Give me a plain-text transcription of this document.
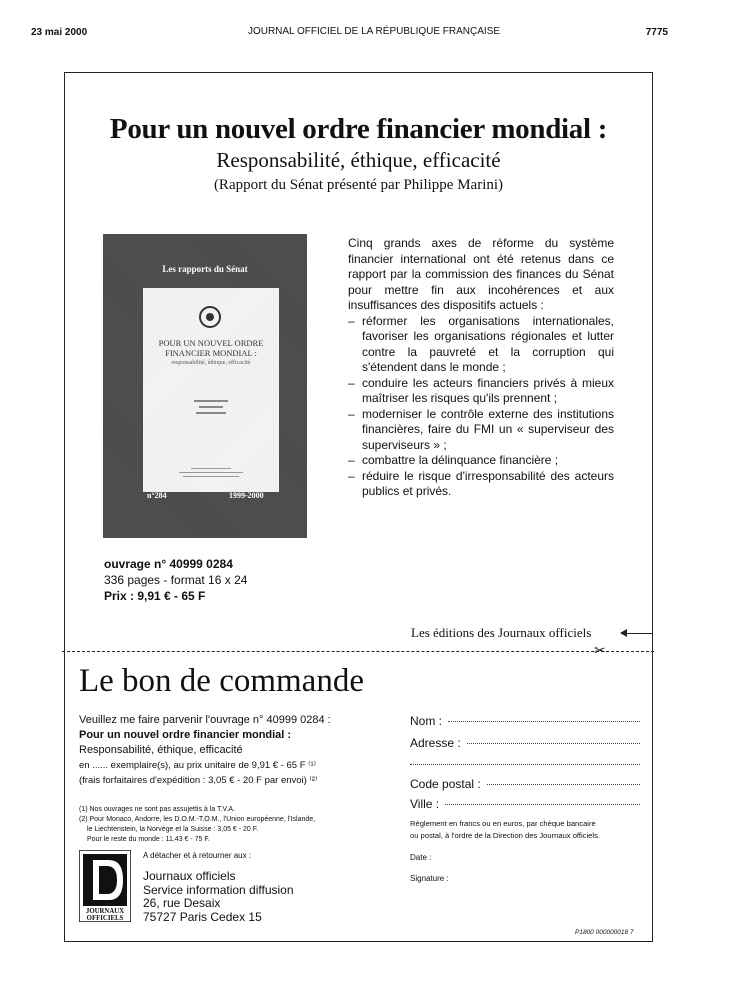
23 mai 2000	JOURNAL OFFICIEL DE LA RÉPUBLIQUE FRANÇAISE	7775
Pour un nouvel ordre financier mondial :
Responsabilité, éthique, efficacité
(Rapport du Sénat présenté par Philippe Marini)
Les rapports du Sénat
POUR UN NOUVEL ORDRE
FINANCIER MONDIAL :
responsabilité, éthique, efficacité
n°284	1999-2000
ouvrage n° 40999 0284
336 pages - format 16 x 24
Prix : 9,91 € - 65 F
Cinq grands axes de réforme du système financier international ont été retenus dans ce rapport par la commission des finances du Sénat pour mettre fin aux incohérences et aux insuffisances des dispositifs actuels :
– réformer les organisations internationales, favoriser les organisations régionales et lutter contre la pauvreté et la corruption qui s'étendent dans le monde ;
– conduire les acteurs financiers privés à mieux maîtriser les risques qu'ils prennent ;
– moderniser le contrôle externe des institutions financières, faire du FMI un « superviseur des superviseurs » ;
– combattre la délinquance financière ;
– réduire le risque d'irresponsabilité des acteurs publics et privés.
Les éditions des Journaux officiels
✂
Le bon de commande
Veuillez me faire parvenir l'ouvrage n° 40999 0284 :
Pour un nouvel ordre financier mondial :
Responsabilité, éthique, efficacité
en ...... exemplaire(s), au prix unitaire de 9,91 € - 65 F ⁽¹⁾
(frais forfaitaires d'expédition : 3,05 € - 20 F par envoi) ⁽²⁾
(1) Nos ouvrages ne sont pas assujettis à la T.V.A.
(2) Pour Monaco, Andorre, les D.O.M.-T.O.M., l'Union européenne, l'Islande,
le Liechtenstein, la Norvège et la Suisse : 3,05 € - 20 F.
Pour le reste du monde : 11,43 € - 75 F.
JOURNAUX
OFFICIELS
A détacher et à retourner aux :
Journaux officiels
Service information diffusion
26, rue Desaix
75727 Paris Cedex 15
Nom :
Adresse :
Code postal :
Ville :
Règlement en francs ou en euros, par chèque bancaire
ou postal, à l'ordre de la Direction des Journaux officiels.
Date :
Signature :
P1800 000000018 7
